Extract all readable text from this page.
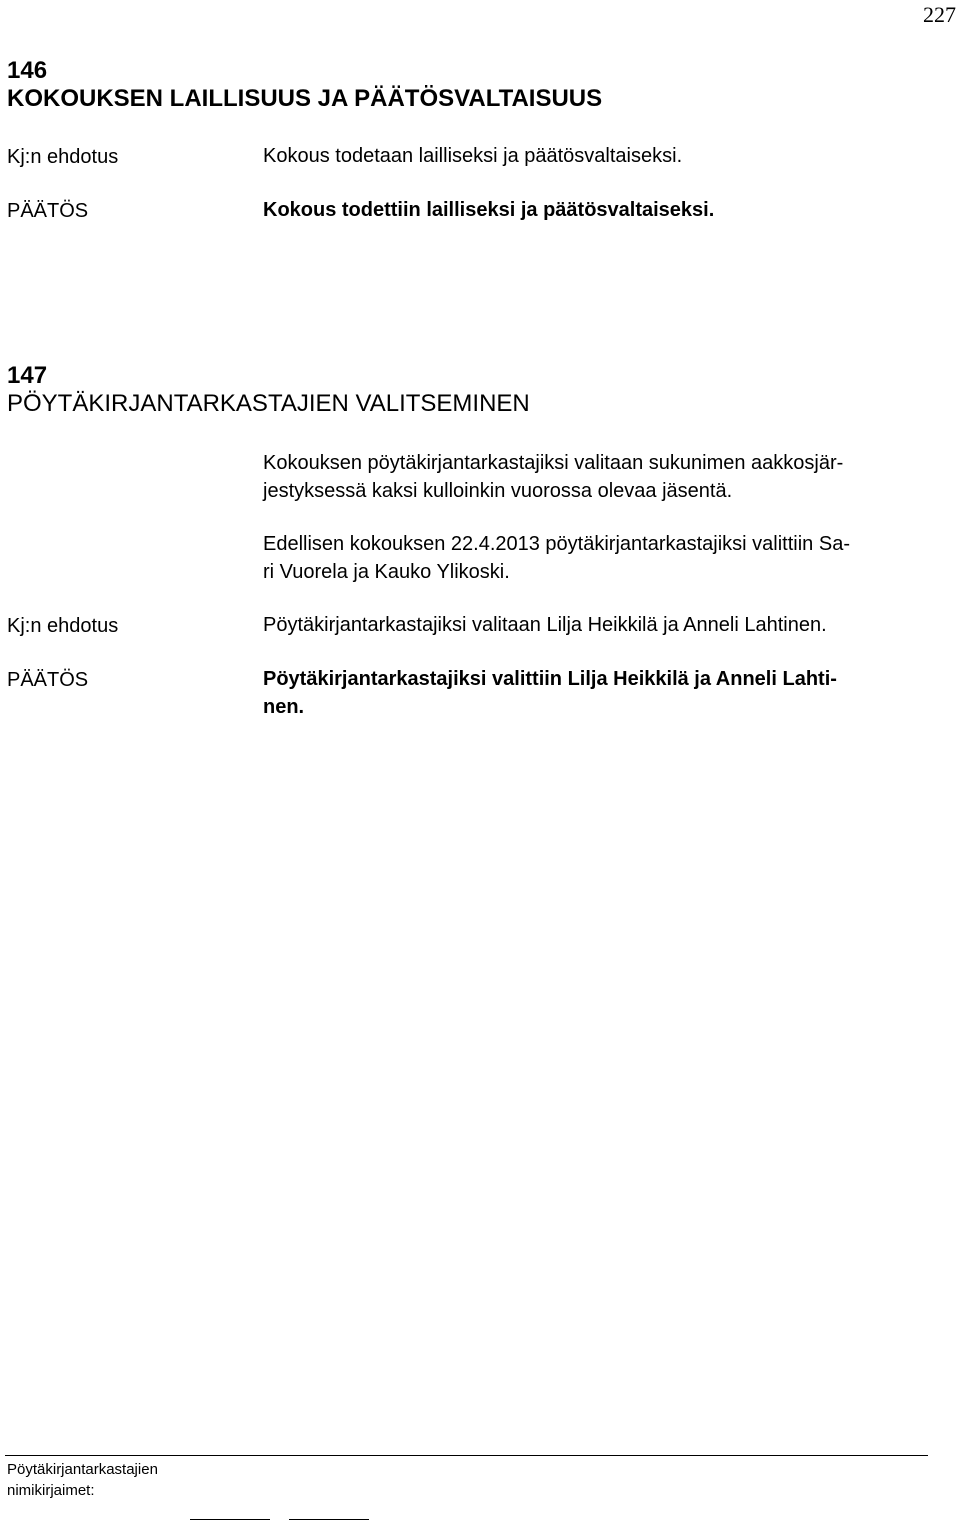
227
146
KOKOUKSEN LAILLISUUS JA PÄÄTÖSVALTAISUUS
Kj:n ehdotus	Kokous todetaan lailliseksi ja päätösvaltaiseksi.
PÄÄTÖS	Kokous todettiin lailliseksi ja päätösvaltaiseksi.
147
PÖYTÄKIRJANTARKASTAJIEN VALITSEMINEN
Kokouksen pöytäkirjantarkastajiksi valitaan sukunimen aakkosjär-
jestyksessä kaksi kulloinkin vuorossa olevaa jäsentä.
Edellisen kokouksen 22.4.2013 pöytäkirjantarkastajiksi valittiin Sa-
ri Vuorela ja Kauko Ylikoski.
Kj:n ehdotus	Pöytäkirjantarkastajiksi valitaan Lilja Heikkilä ja Anneli Lahtinen.
PÄÄTÖS	Pöytäkirjantarkastajiksi valittiin Lilja Heikkilä ja Anneli Lahti-
nen.
Pöytäkirjantarkastajien
nimikirjaimet:
